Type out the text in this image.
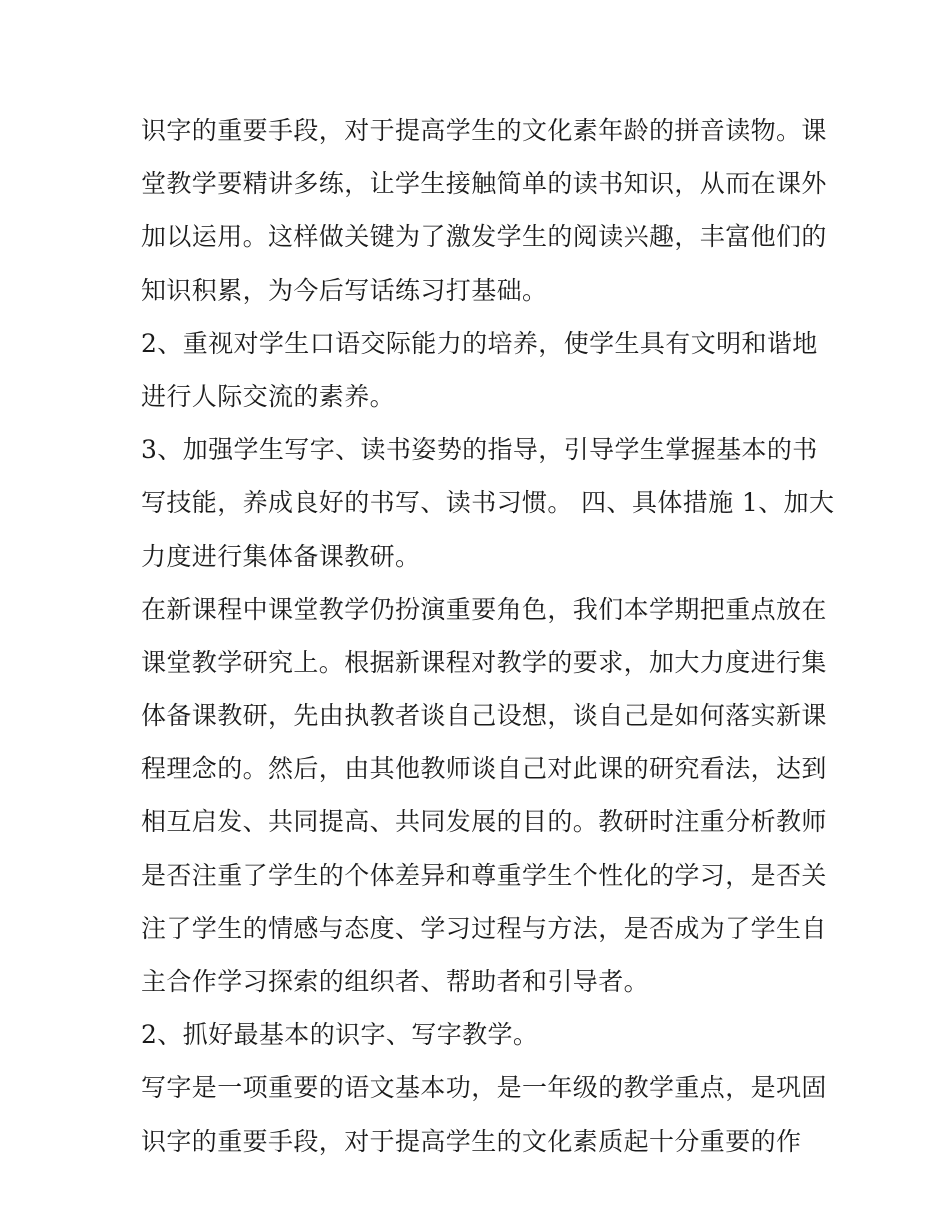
识字的重要手段，对于提高学生的文化素年龄的拼音读物。课
堂教学要精讲多练，让学生接触简单的读书知识，从而在课外
加以运用。这样做关键为了激发学生的阅读兴趣，丰富他们的
知识积累，为今后写话练习打基础。
2、重视对学生口语交际能力的培养，使学生具有文明和谐地
进行人际交流的素养。
3、加强学生写字、读书姿势的指导，引导学生掌握基本的书
写技能，养成良好的书写、读书习惯。 四、具体措施 1、加大
力度进行集体备课教研。
在新课程中课堂教学仍扮演重要角色，我们本学期把重点放在
课堂教学研究上。根据新课程对教学的要求，加大力度进行集
体备课教研，先由执教者谈自己设想，谈自己是如何落实新课
程理念的。然后，由其他教师谈自己对此课的研究看法，达到
相互启发、共同提高、共同发展的目的。教研时注重分析教师
是否注重了学生的个体差异和尊重学生个性化的学习，是否关
注了学生的情感与态度、学习过程与方法，是否成为了学生自
主合作学习探索的组织者、帮助者和引导者。
2、抓好最基本的识字、写字教学。
写字是一项重要的语文基本功，是一年级的教学重点，是巩固
识字的重要手段，对于提高学生的文化素质起十分重要的作
